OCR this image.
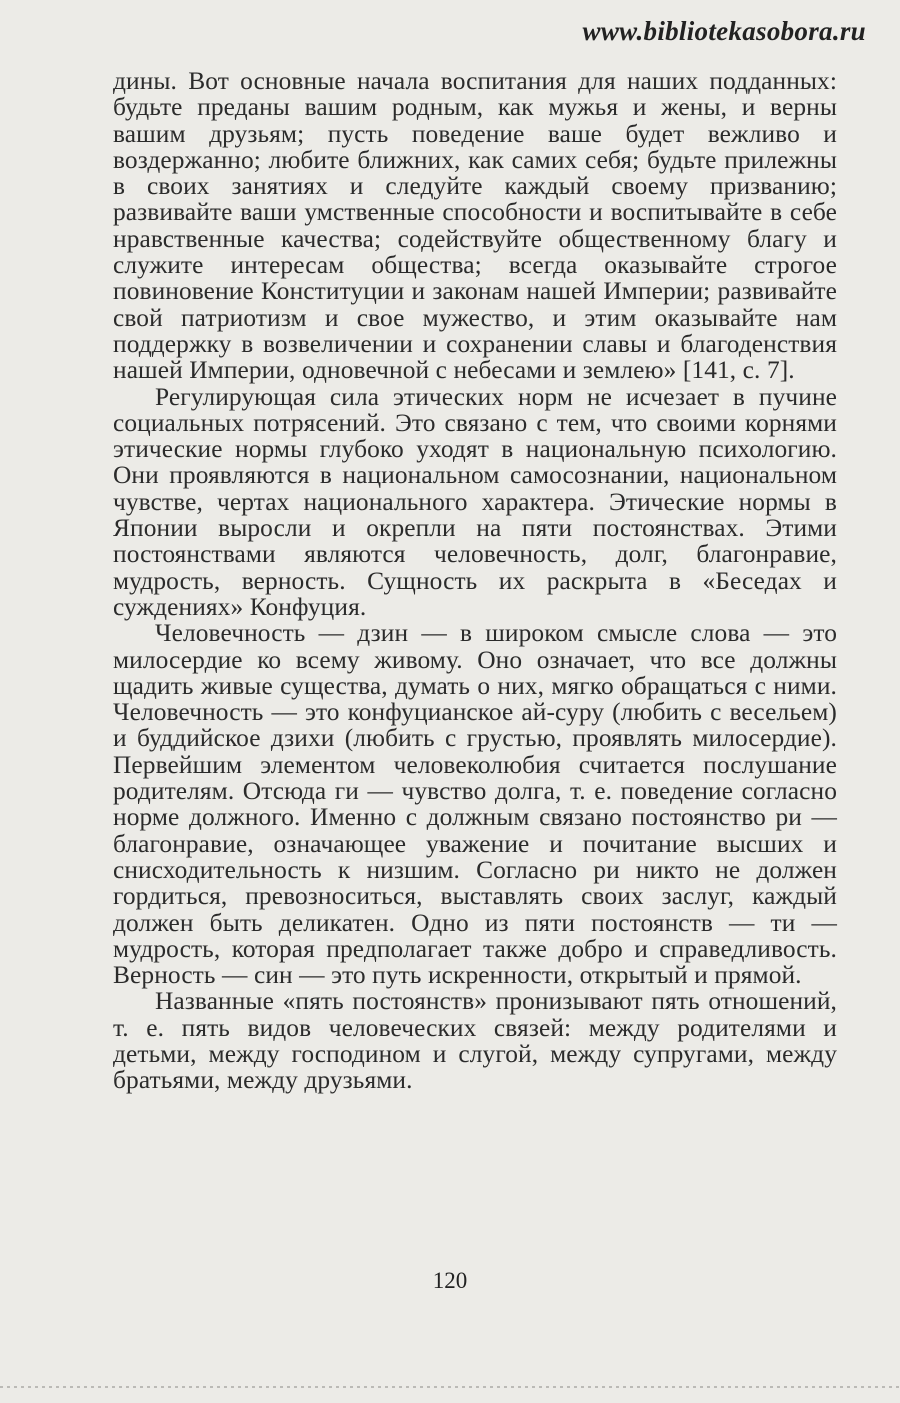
www.bibliotekasobora.ru

дины. Вот основные начала воспитания для наших подданных: будьте преданы вашим родным, как мужья и жены, и верны вашим друзьям; пусть поведение ваше будет вежливо и воздержанно; любите ближних, как самих себя; будьте прилежны в своих занятиях и следуйте каждый своему призванию; развивайте ваши умственные способности и воспитывайте в себе нравственные качества; содействуйте общественному благу и служите интересам общества; всегда оказывайте строгое повиновение Конституции и законам нашей Империи; развивайте свой патриотизм и свое мужество, и этим оказывайте нам поддержку в возвеличении и сохранении славы и благоденствия нашей Империи, одновечной с небесами и землею» [141, с. 7].

Регулирующая сила этических норм не исчезает в пучине социальных потрясений. Это связано с тем, что своими корнями этические нормы глубоко уходят в национальную психологию. Они проявляются в национальном самосознании, национальном чувстве, чертах национального характера. Этические нормы в Японии выросли и окрепли на пяти постоянствах. Этими постоянствами являются человечность, долг, благонравие, мудрость, верность. Сущность их раскрыта в «Беседах и суждениях» Конфуция.

Человечность — дзин — в широком смысле слова — это милосердие ко всему живому. Оно означает, что все должны щадить живые существа, думать о них, мягко обращаться с ними. Человечность — это конфуцианское ай-суру (любить с весельем) и буддийское дзихи (любить с грустью, проявлять милосердие). Первейшим элементом человеколюбия считается послушание родителям. Отсюда ги — чувство долга, т. е. поведение согласно норме должного. Именно с должным связано постоянство ри — благонравие, означающее уважение и почитание высших и снисходительность к низшим. Согласно ри никто не должен гордиться, превозноситься, выставлять своих заслуг, каждый должен быть деликатен. Одно из пяти постоянств — ти — мудрость, которая предполагает также добро и справедливость. Верность — син — это путь искренности, открытый и прямой.

Названные «пять постоянств» пронизывают пять отношений, т. е. пять видов человеческих связей: между родителями и детьми, между господином и слугой, между супругами, между братьями, между друзьями.

120
